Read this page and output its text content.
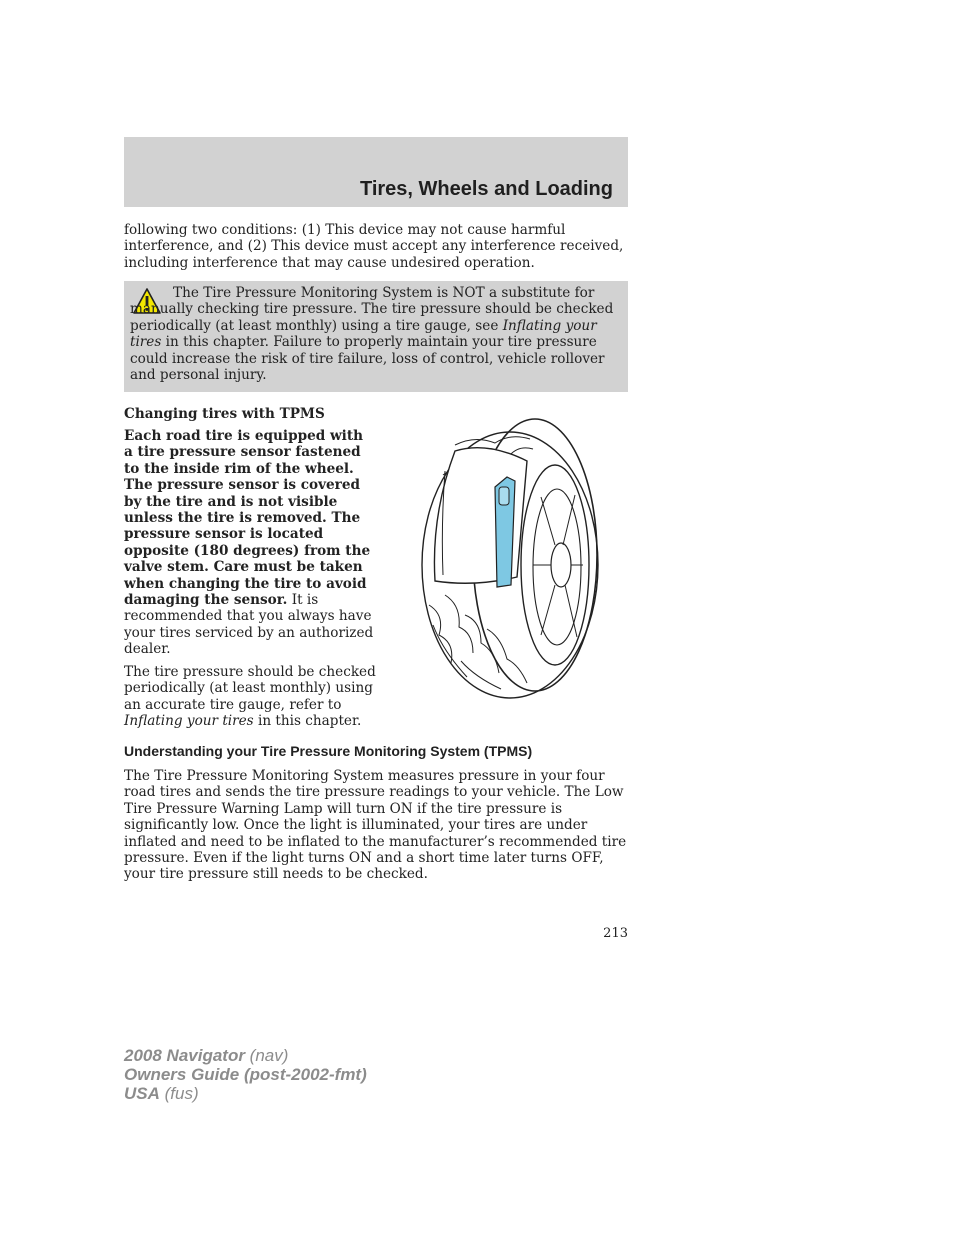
Tires, Wheels and Loading

following two conditions: (1) This device may not cause harmful interference, and (2) This device must accept any interference received, including interference that may cause undesired operation.

The Tire Pressure Monitoring System is NOT a substitute for manually checking tire pressure. The tire pressure should be checked periodically (at least monthly) using a tire gauge, see Inflating your tires in this chapter. Failure to properly maintain your tire pressure could increase the risk of tire failure, loss of control, vehicle rollover and personal injury.

Changing tires with TPMS

Each road tire is equipped with a tire pressure sensor fastened to the inside rim of the wheel. The pressure sensor is covered by the tire and is not visible unless the tire is removed. The pressure sensor is located opposite (180 degrees) from the valve stem. Care must be taken when changing the tire to avoid damaging the sensor. It is recommended that you always have your tires serviced by an authorized dealer.

The tire pressure should be checked periodically (at least monthly) using an accurate tire gauge, refer to Inflating your tires in this chapter.

Understanding your Tire Pressure Monitoring System (TPMS)

The Tire Pressure Monitoring System measures pressure in your four road tires and sends the tire pressure readings to your vehicle. The Low Tire Pressure Warning Lamp will turn ON if the tire pressure is significantly low. Once the light is illuminated, your tires are under inflated and need to be inflated to the manufacturer’s recommended tire pressure. Even if the light turns ON and a short time later turns OFF, your tire pressure still needs to be checked.

213
2008 Navigator (nav)
Owners Guide (post-2002-fmt)
USA (fus)
